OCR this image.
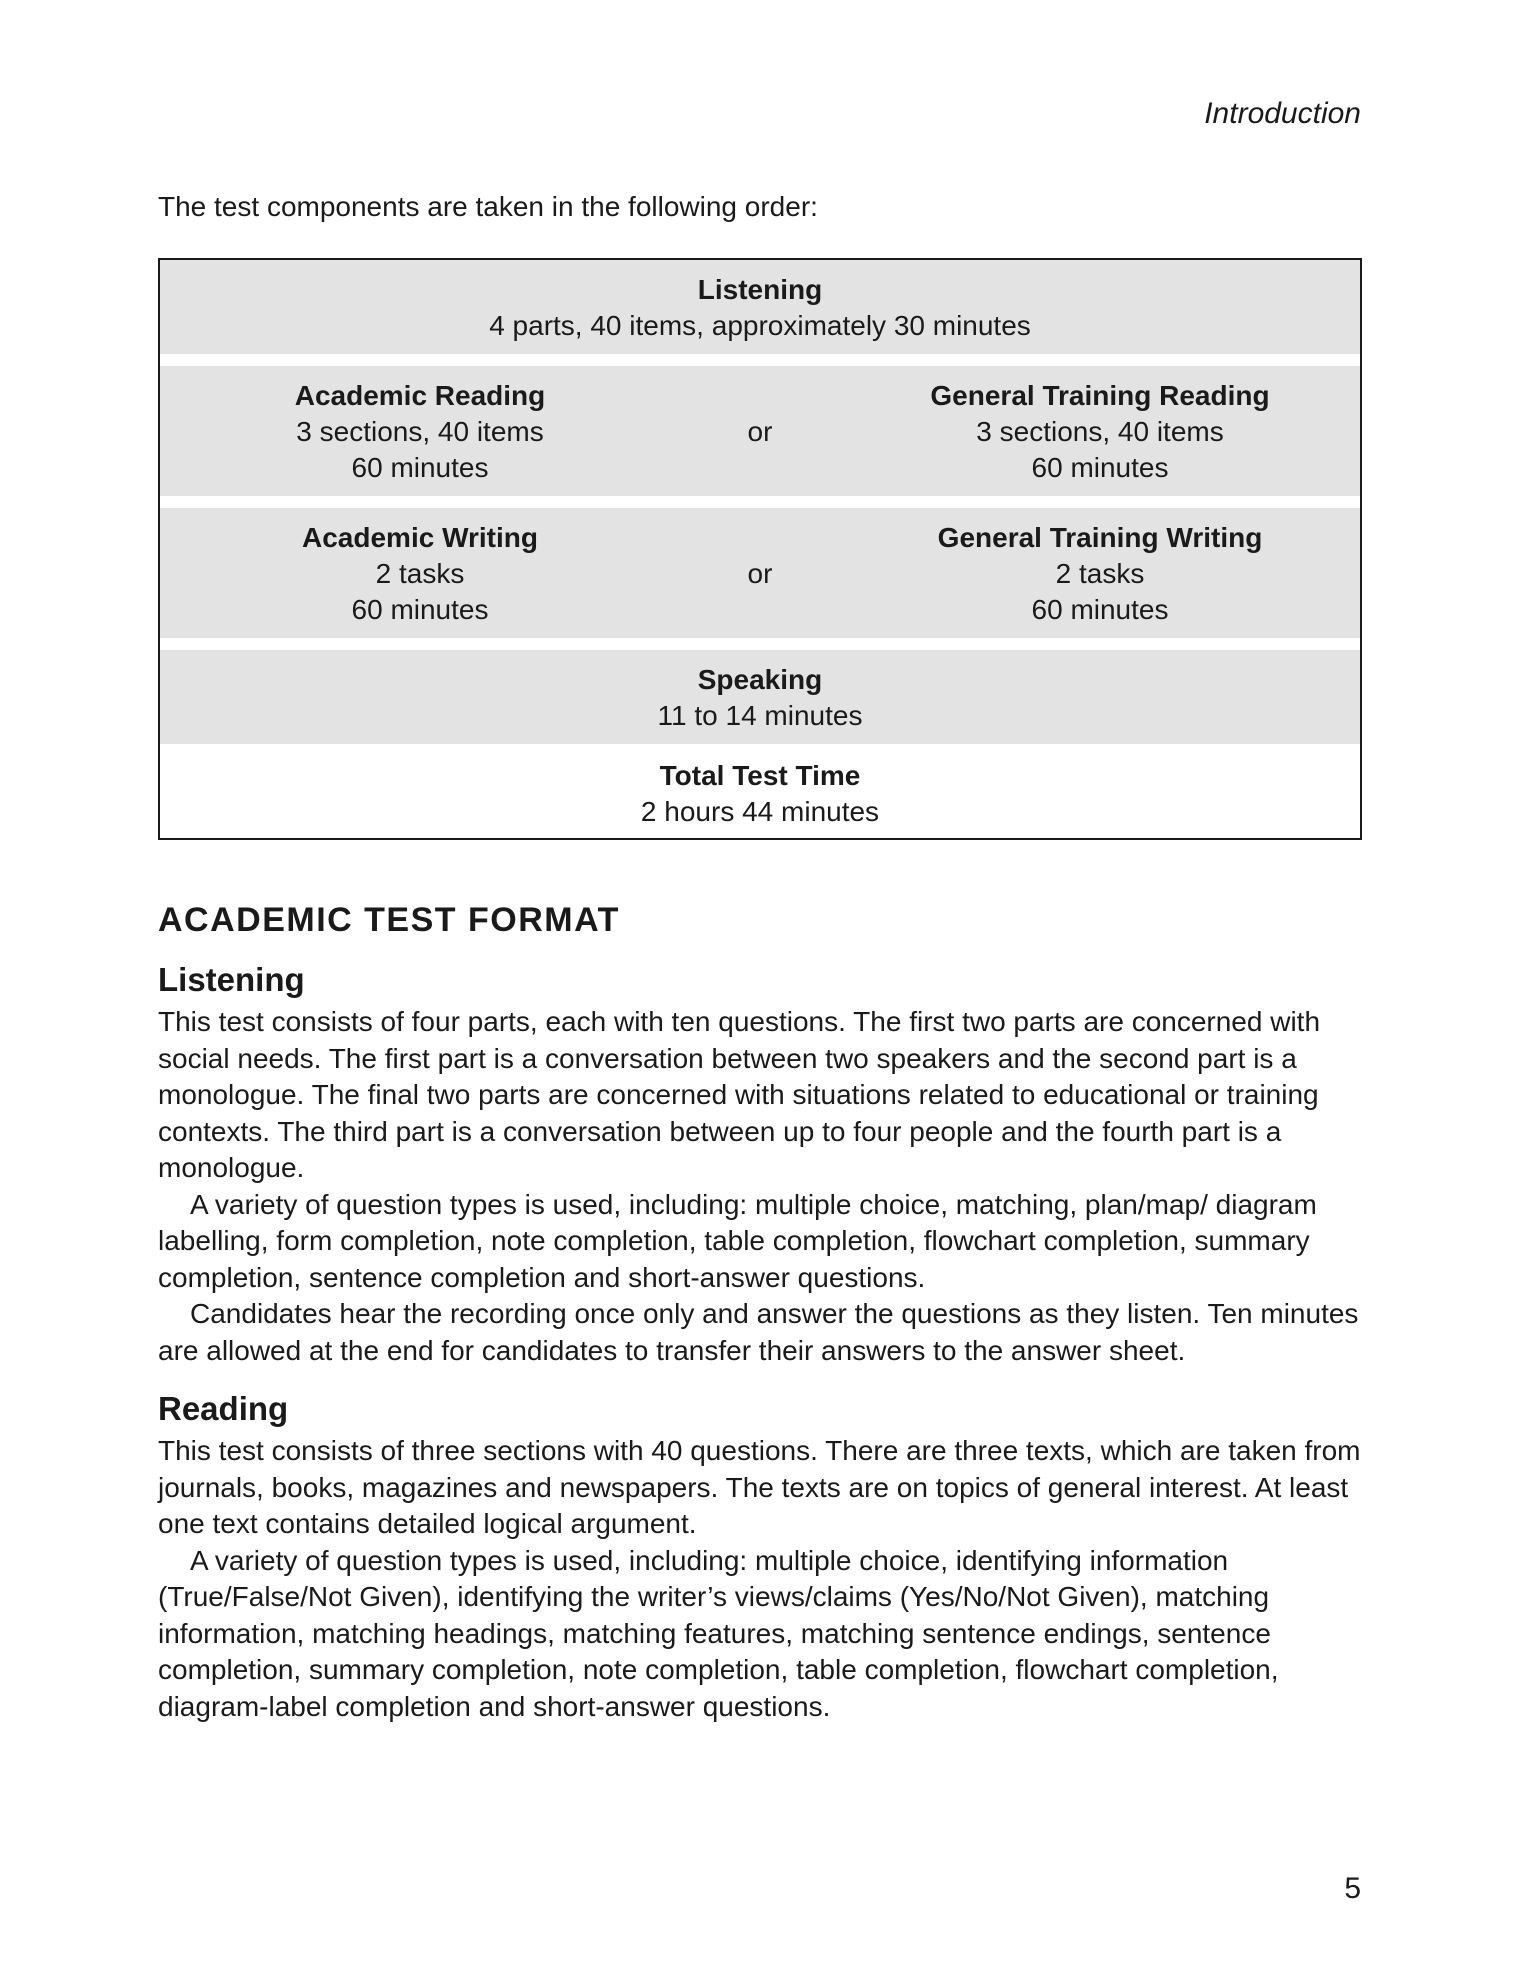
Introduction

The test components are taken in the following order:

Listening
4 parts, 40 items, approximately 30 minutes
Academic Reading
3 sections, 40 items
60 minutes
or
General Training Reading
3 sections, 40 items
60 minutes
Academic Writing
2 tasks
60 minutes
or
General Training Writing
2 tasks
60 minutes
Speaking
11 to 14 minutes
Total Test Time
2 hours 44 minutes
ACADEMIC TEST FORMAT
Listening

This test consists of four parts, each with ten questions. The first two parts are concerned with social needs. The first part is a conversation between two speakers and the second part is a monologue. The final two parts are concerned with situations related to educational or training contexts. The third part is a conversation between up to four people and the fourth part is a monologue.

A variety of question types is used, including: multiple choice, matching, plan/map/ diagram labelling, form completion, note completion, table completion, flowchart completion, summary completion, sentence completion and short-answer questions.

Candidates hear the recording once only and answer the questions as they listen. Ten minutes are allowed at the end for candidates to transfer their answers to the answer sheet.

Reading

This test consists of three sections with 40 questions. There are three texts, which are taken from journals, books, magazines and newspapers. The texts are on topics of general interest. At least one text contains detailed logical argument.

A variety of question types is used, including: multiple choice, identifying information (True/False/Not Given), identifying the writer’s views/claims (Yes/No/Not Given), matching information, matching headings, matching features, matching sentence endings, sentence completion, summary completion, note completion, table completion, flowchart completion, diagram-label completion and short-answer questions.

5
